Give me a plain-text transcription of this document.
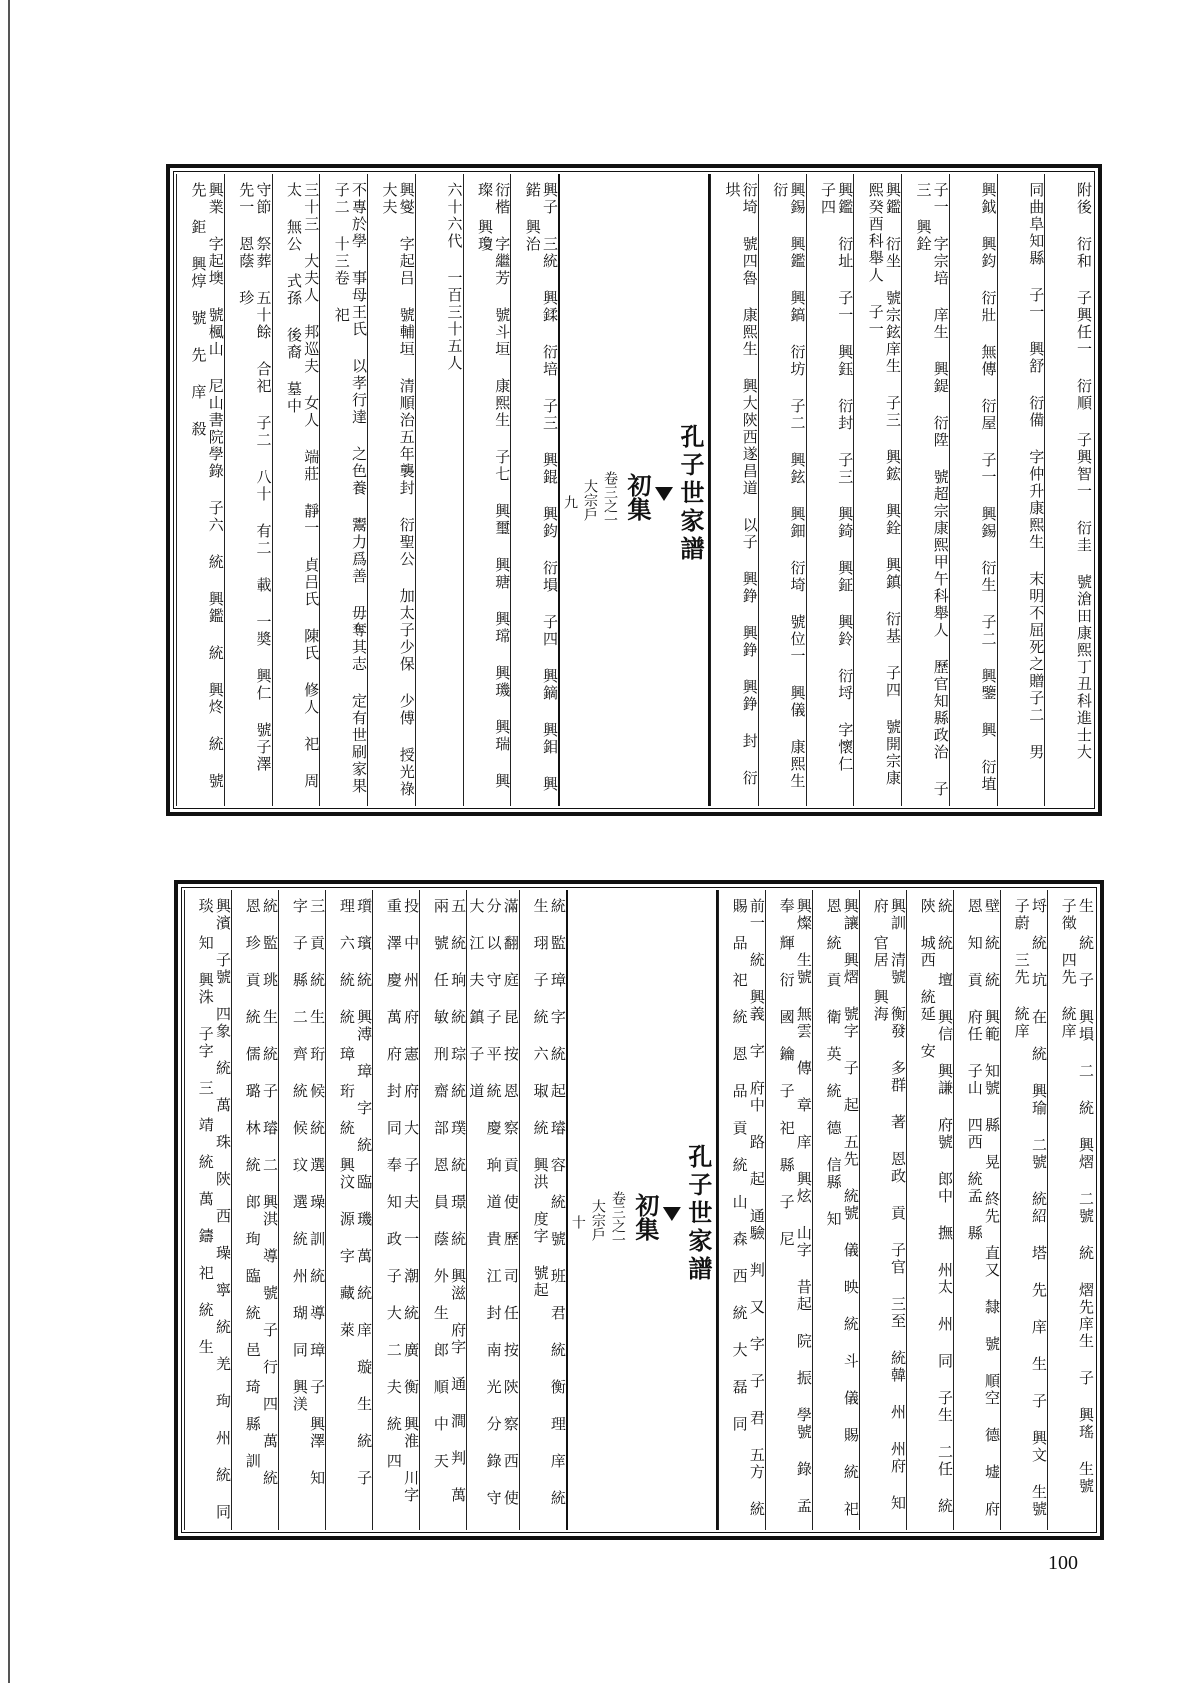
附後 衍和 子興任一 衍順 子興智一 衍圭 號滄田康熙丁丑科進士大
同曲阜知縣 子一 興舒 衍備 字仲升康熙生 末明不屈死之贈子二 男
興鉞 興鈞 衍壯 無傳 衍屋 子一 興錫 衍生 子二 興鑒 興 衍埴
子一 字宗培 庠生 興鍉 衍陞 號超宗康熙甲午科舉人 歷官知縣政治 子三 興銓
興鑑 衍坐 號宗鉉庠生 子三 興鋐 興銓 興鎮 衍基 子四 號開宗康熙癸酉科舉人 子一
興鑑 衍址 子一 興鈺 衍封 子三 興錡 興鉦 興鈴 衍埒 字懷仁 子四
興錫 興鑑 興鎬 衍坊 子二 興鉉 興鈿 衍埼 號位一 興儀 康熙生 衍
衍埼 號四魯 康熙生 興大陝西遂昌道 以子 興錚 興錚 興錚 封 衍垬
孔子世家譜
初集
卷三之一
大宗戶
九
興子 三統 興鍒 衍培 子三 興錕 興鈞 衍塤 子四 興鏑 興鉬 興鍩 興治
衍楷 字繼芳 號斗垣 康熙生 子七 興璽 興瑭 興瑺 興璣 興瑞 興璨 興瓊
六十六代 一百三十五人
興燮 字起吕 號輔垣 清順治五年襲封 衍聖公 加太子少保 少傅 授光祿大夫
不專於學 事母王氏 以孝行達 之色養 鬻力爲善 毋奪其志 定有世刷家果 子二 十三卷 祀
三十三 大夫人 邦巡夫 女人 端莊 靜一 貞吕氏 陳氏 修人 祀 周太 無公 式孫 後裔 墓中
守節 祭葬 五十餘 合祀 子二 八十 有二 載 一奬 興仁 號子澤 先一 恩蔭 珍
興業 字起墺 號楓山 尼山書院學錄 子六 統 興鑑 統 興炵 統 號 先 鉅 興焞 號 先 庠 殺
生 統 子 興塤 二 統 興熠 二號 統 熠先庠生 子 興瑤 生號 子徵 四先 統庠
埒 統 坑 在 統 興瑜 二號 統紹 塔 先 庠 生 子 興文 生號 子蔚 三先 統庠
壁 統 統 興範 知號 縣 晃 終先 直又 隸 號 順空 德 墟 府 恩 知 貢 府任 子山 四西 統孟 縣
統 統 壇 興信 興謙 府號 郎中 撫 州太 州 同 子生 二任 統陝 城西 統延 安
興訓 清號 衡發 多群 著 恩政 貢 子官 三至 統韓 州 州府 知府 官居 興海
興讓 興熠 號字 子 起 五先 統號 儀 映 統 斗 儀 賜 統 祀 恩 統 貢 衛 英 統 德 信縣 知
興燦 生號 無雲 傳 章 庠 興炫 山字 昔起 院 振 學號 錄 孟 奉 輝 衍 國 鑰 子 祀 縣 子 尼
前一 統 興義 字 府中 路 起 通驗 判 又 字 子 君 五方 統 賜 品 祀 統 恩 品 貢 統 山 森 西 統 大 磊 同
孔子世家譜
初集
卷三之一
大宗戶
十
統 監 璋 字 統 起 璿 容 統 號 班 君 統 衡 理 庠 統 生 珝 子 統 六 琡 統 興洪 度字 號起
滿 翻 庭 昆 按 恩 察 貢 使 歷 司 任 按 陝 察 西 使 分 以 守 子 平 統 慶 珦 道 貴 江 封 南 光 分 錄 守 大 江 夫 鎮 子 道
五 統 珦 統 琮 統 璞 統 璟 統 興滋 府字 通 澗 判 萬 兩 號 任 敏 刑 齋 部 恩 員 蔭 外 生 郎 順 中 天
投 中 州 府 憲 府 大 子 夫 一 潮 統 廣 衡 興淮 川字 重 澤 慶 萬 府 封 同 奉 知 政 子 大 二 夫 統 四
瓆 璸 統 興溥 璋 字 統 臨 璣 萬 統 庠 璇 生 統 子 理 六 統 統 璋 珩 統 興汶 源 字 藏 萊
三 貢 統 生 珩 候 統 選 璪 訓 統 導 璋 子 興澤 知 字 子 縣 二 齊 統 候 玟 選 統 州 瑚 同 興渼
統 監 珧 生 統 子 璿 二 興淇 導 號 子 行 四 萬 統 恩 珍 貢 統 儒 璐 林 統 郎 珣 臨 統 邑 琦 縣 訓
興濱 子號 四象 統 萬 珠 陝 西 璪 寧 統 羌 珣 州 統 同 琰 知 興洙 子字 三 靖 統 萬 鑄 祀 統 生
100
